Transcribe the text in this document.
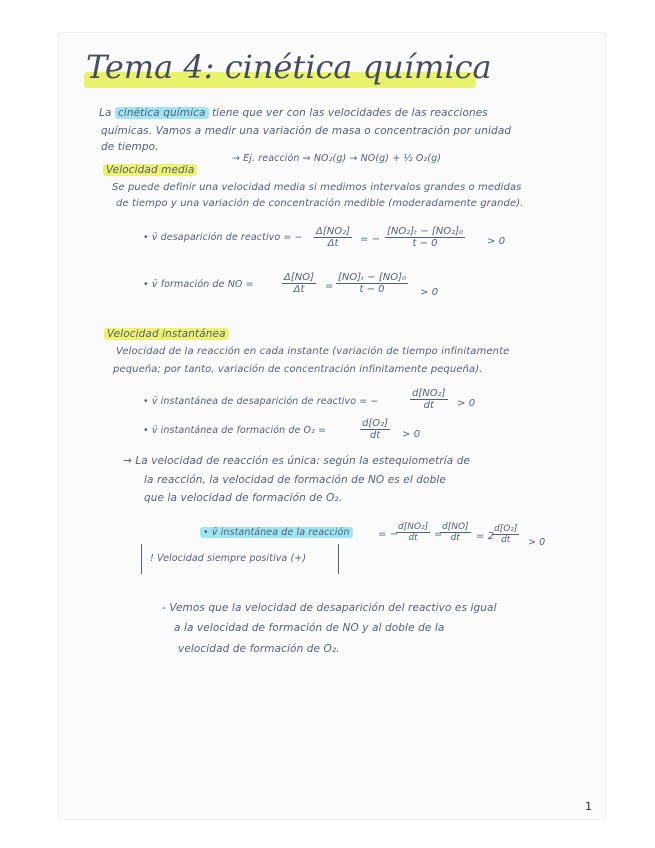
Tema 4: cinética química
La cinética química tiene que ver con las velocidades de las reacciones
químicas. Vamos a medir una variación de masa o concentración por unidad
de tiempo.
→ Ej. reacción ⇒ NO₂(g) → NO(g) + ½ O₂(g)
Velocidad media
Se puede definir una velocidad media si medimos intervalos grandes o medidas
de tiempo y una variación de concentración medible (moderadamente grande).
• v̄ desaparición de reactivo = − $\frac{\text{Δ[NO₂]}}{\Delta t}$ = − $\frac{\text{[NO₂]ₜ − [NO₂]₀}}{t - 0} > 0$
• v̄ formación de NO =	$\frac{\Delta[NO]}{\Delta t} = \frac{\text{[NO]ₜ − [NO]₀}}{t - 0} > 0$
Velocidad instantánea
Velocidad de la reacción en cada instante (variación de tiempo infinitamente
pequeña; por tanto, variación de concentración infinitamente pequeña).
• v̄ instantánea de desaparición de reactivo = −	$\frac{\text{d[NO₂]}}{dt} > 0$
• v̄ instantánea de formación de O₂ =	$\frac{\text{d[O₂]}}{dt} > 0$
→ La velocidad de reacción es única: según la estequiometría de
la reacción, la velocidad de formación de NO es el doble
que la velocidad de formación de O₂.
• v̄ instantánea de la reacción	= −
$\frac{\text{d[NO₂]}}{dt}$ =
$\frac{d[NO]}{dt} = 2$
$\frac{\text{d[O₂]}}{dt} > 0$
! Velocidad siempre positiva (+)
- Vemos que la velocidad de desaparición del reactivo es igual
a la velocidad de formación de NO y al doble de la
velocidad de formación de O₂.
1
